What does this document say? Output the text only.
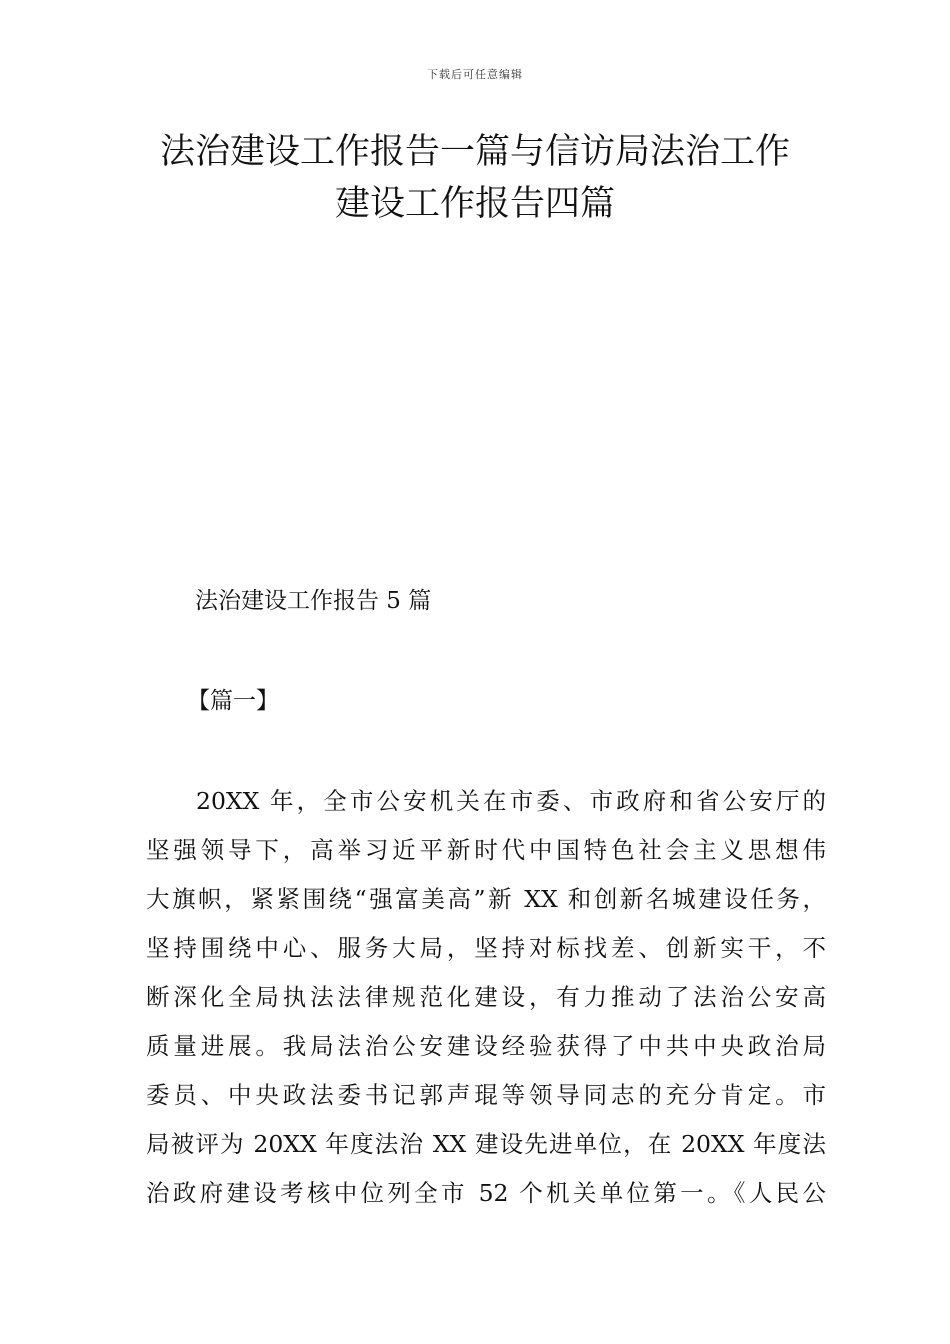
下载后可任意编辑
法治建设工作报告一篇与信访局法治工作
建设工作报告四篇
法治建设工作报告 5 篇
【篇一】

20XX 年，全市公安机关在市委、市政府和省公安厅的
坚强领导下，高举习近平新时代中国特色社会主义思想伟
大旗帜，紧紧围绕“强富美高”新 XX 和创新名城建设任务，
坚持围绕中心、服务大局，坚持对标找差、创新实干，不
断深化全局执法法律规范化建设，有力推动了法治公安高
质量进展。我局法治公安建设经验获得了中共中央政治局
委员、中央政法委书记郭声琨等领导同志的充分肯定。市
局被评为 20XX 年度法治 XX 建设先进单位，在 20XX 年度法
治政府建设考核中位列全市 52 个机关单位第一。《人民公
